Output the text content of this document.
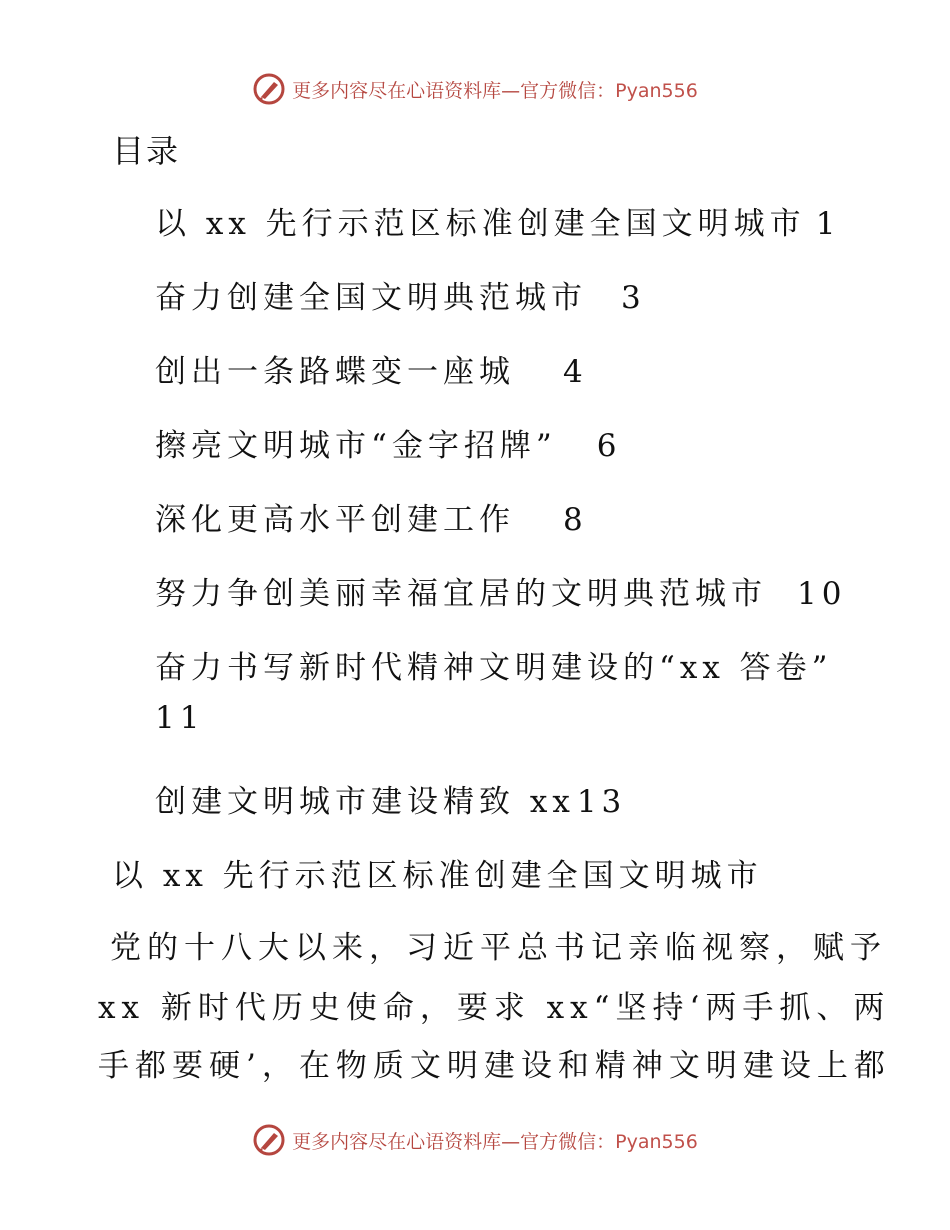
更多内容尽在心语资料库—官方微信：Pyan556
目录
以 xx 先行示范区标准创建全国文明城市 1
奋力创建全国文明典范城市 3
创出一条路蝶变一座城 4
擦亮文明城市“金字招牌” 6
深化更高水平创建工作 8
努力争创美丽幸福宜居的文明典范城市 10
奋力书写新时代精神文明建设的“xx 答卷”
11
创建文明城市建设精致 xx13
以 xx 先行示范区标准创建全国文明城市
党的十八大以来，习近平总书记亲临视察，赋予
xx 新时代历史使命，要求 xx“坚持‘两手抓、两
手都要硬’，在物质文明建设和精神文明建设上都
更多内容尽在心语资料库—官方微信：Pyan556
